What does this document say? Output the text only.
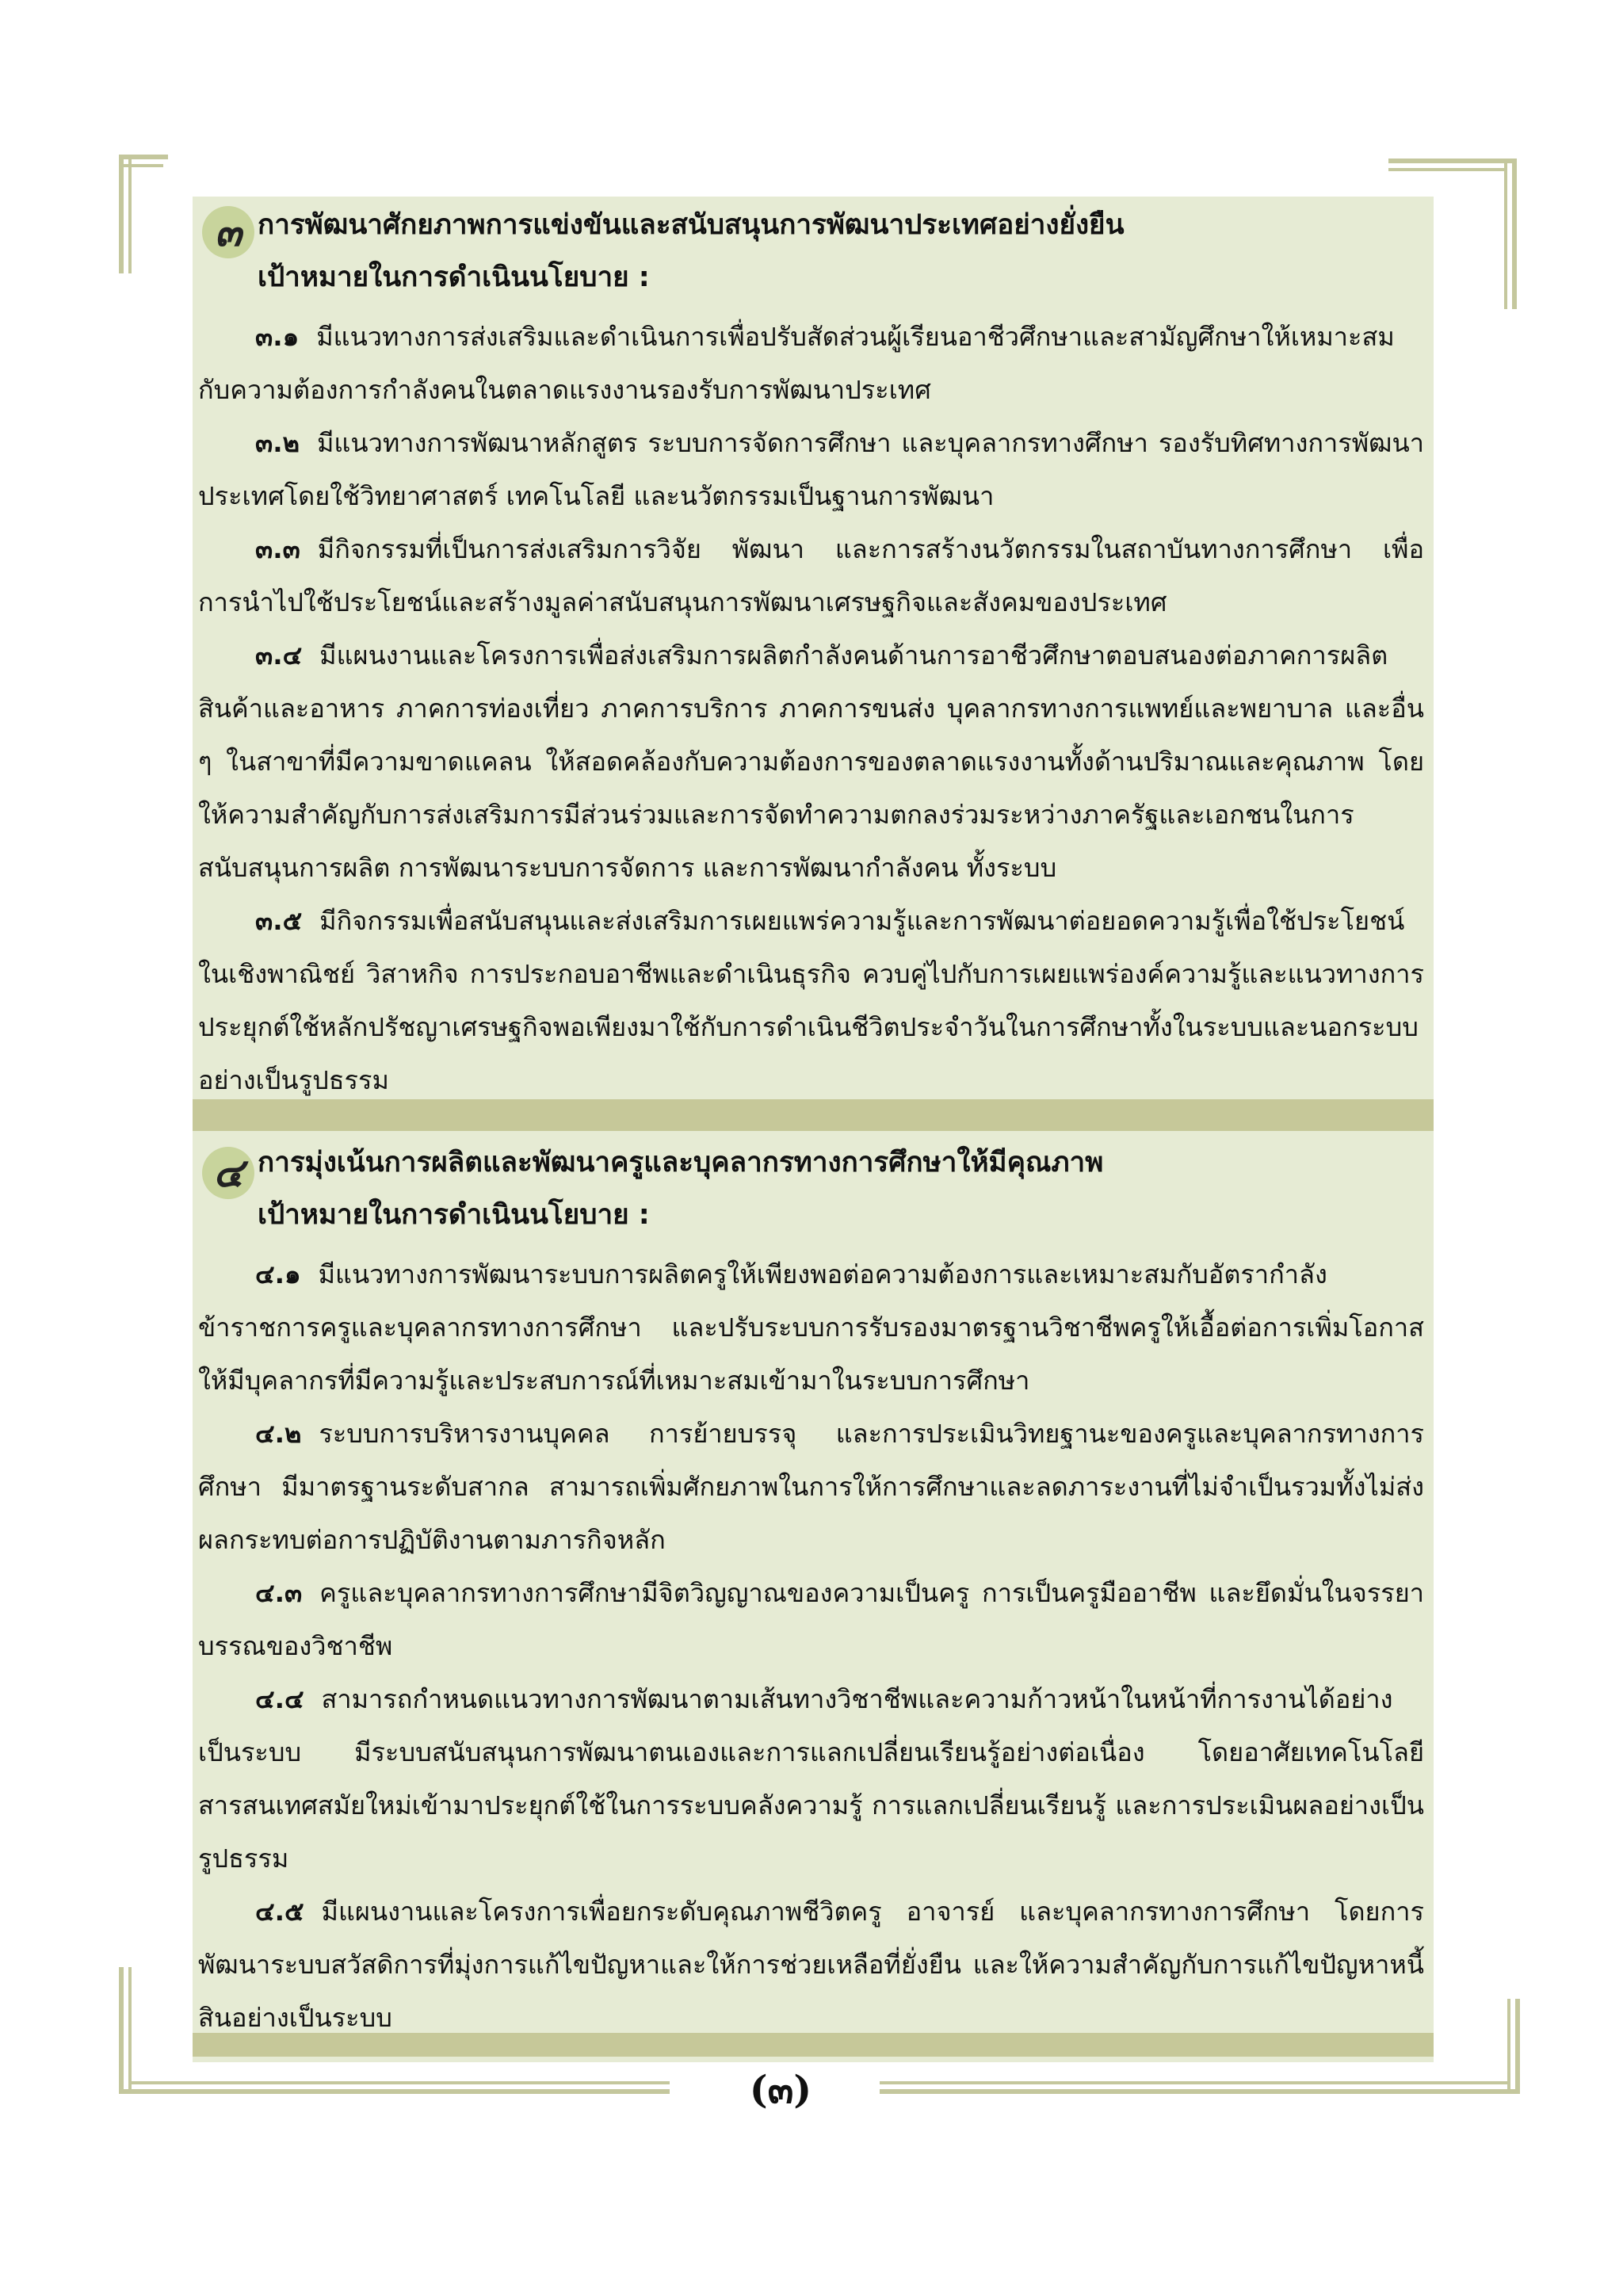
๓ การพัฒนาศักยภาพการแข่งขันและสนับสนุนการพัฒนาประเทศอย่างยั่งยืน
เป้าหมายในการดำเนินนโยบาย :

๓.๑ มีแนวทางการส่งเสริมและดำเนินการเพื่อปรับสัดส่วนผู้เรียนอาชีวศึกษาและสามัญศึกษาให้เหมาะสมกับความต้องการกำลังคนในตลาดแรงงานรองรับการพัฒนาประเทศ

๓.๒ มีแนวทางการพัฒนาหลักสูตร ระบบการจัดการศึกษา และบุคลากรทางศึกษา รองรับทิศทางการพัฒนาประเทศโดยใช้วิทยาศาสตร์ เทคโนโลยี และนวัตกรรมเป็นฐานการพัฒนา

๓.๓ มีกิจกรรมที่เป็นการส่งเสริมการวิจัย พัฒนา และการสร้างนวัตกรรมในสถาบันทางการศึกษา เพื่อการนำไปใช้ประโยชน์และสร้างมูลค่าสนับสนุนการพัฒนาเศรษฐกิจและสังคมของประเทศ

๓.๔ มีแผนงานและโครงการเพื่อส่งเสริมการผลิตกำลังคนด้านการอาชีวศึกษาตอบสนองต่อภาคการผลิตสินค้าและอาหาร ภาคการท่องเที่ยว ภาคการบริการ ภาคการขนส่ง บุคลากรทางการแพทย์และพยาบาล และอื่น ๆ ในสาขาที่มีความขาดแคลน ให้สอดคล้องกับความต้องการของตลาดแรงงานทั้งด้านปริมาณและคุณภาพ โดยให้ความสำคัญกับการส่งเสริมการมีส่วนร่วมและการจัดทำความตกลงร่วมระหว่างภาครัฐและเอกชนในการสนับสนุนการผลิต การพัฒนาระบบการจัดการ และการพัฒนากำลังคน ทั้งระบบ

๓.๕ มีกิจกรรมเพื่อสนับสนุนและส่งเสริมการเผยแพร่ความรู้และการพัฒนาต่อยอดความรู้เพื่อใช้ประโยชน์ในเชิงพาณิชย์ วิสาหกิจ การประกอบอาชีพและดำเนินธุรกิจ ควบคู่ไปกับการเผยแพร่องค์ความรู้และแนวทางการประยุกต์ใช้หลักปรัชญาเศรษฐกิจพอเพียงมาใช้กับการดำเนินชีวิตประจำวันในการศึกษาทั้งในระบบและนอกระบบอย่างเป็นรูปธรรม

๔ การมุ่งเน้นการผลิตและพัฒนาครูและบุคลากรทางการศึกษาให้มีคุณภาพ
เป้าหมายในการดำเนินนโยบาย :

๔.๑ มีแนวทางการพัฒนาระบบการผลิตครูให้เพียงพอต่อความต้องการและเหมาะสมกับอัตรากำลังข้าราชการครูและบุคลากรทางการศึกษา และปรับระบบการรับรองมาตรฐานวิชาชีพครูให้เอื้อต่อการเพิ่มโอกาสให้มีบุคลากรที่มีความรู้และประสบการณ์ที่เหมาะสมเข้ามาในระบบการศึกษา

๔.๒ ระบบการบริหารงานบุคคล การย้ายบรรจุ และการประเมินวิทยฐานะของครูและบุคลากรทางการศึกษา มีมาตรฐานระดับสากล สามารถเพิ่มศักยภาพในการให้การศึกษาและลดภาระงานที่ไม่จำเป็นรวมทั้งไม่ส่งผลกระทบต่อการปฏิบัติงานตามภารกิจหลัก

๔.๓ ครูและบุคลากรทางการศึกษามีจิตวิญญาณของความเป็นครู การเป็นครูมืออาชีพ และยึดมั่นในจรรยาบรรณของวิชาชีพ

๔.๔ สามารถกำหนดแนวทางการพัฒนาตามเส้นทางวิชาชีพและความก้าวหน้าในหน้าที่การงานได้อย่างเป็นระบบ มีระบบสนับสนุนการพัฒนาตนเองและการแลกเปลี่ยนเรียนรู้อย่างต่อเนื่อง โดยอาศัยเทคโนโลยีสารสนเทศสมัยใหม่เข้ามาประยุกต์ใช้ในการระบบคลังความรู้ การแลกเปลี่ยนเรียนรู้ และการประเมินผลอย่างเป็นรูปธรรม

๔.๕ มีแผนงานและโครงการเพื่อยกระดับคุณภาพชีวิตครู อาจารย์ และบุคลากรทางการศึกษา โดยการพัฒนาระบบสวัสดิการที่มุ่งการแก้ไขปัญหาและให้การช่วยเหลือที่ยั่งยืน และให้ความสำคัญกับการแก้ไขปัญหาหนี้สินอย่างเป็นระบบ

(๓)
